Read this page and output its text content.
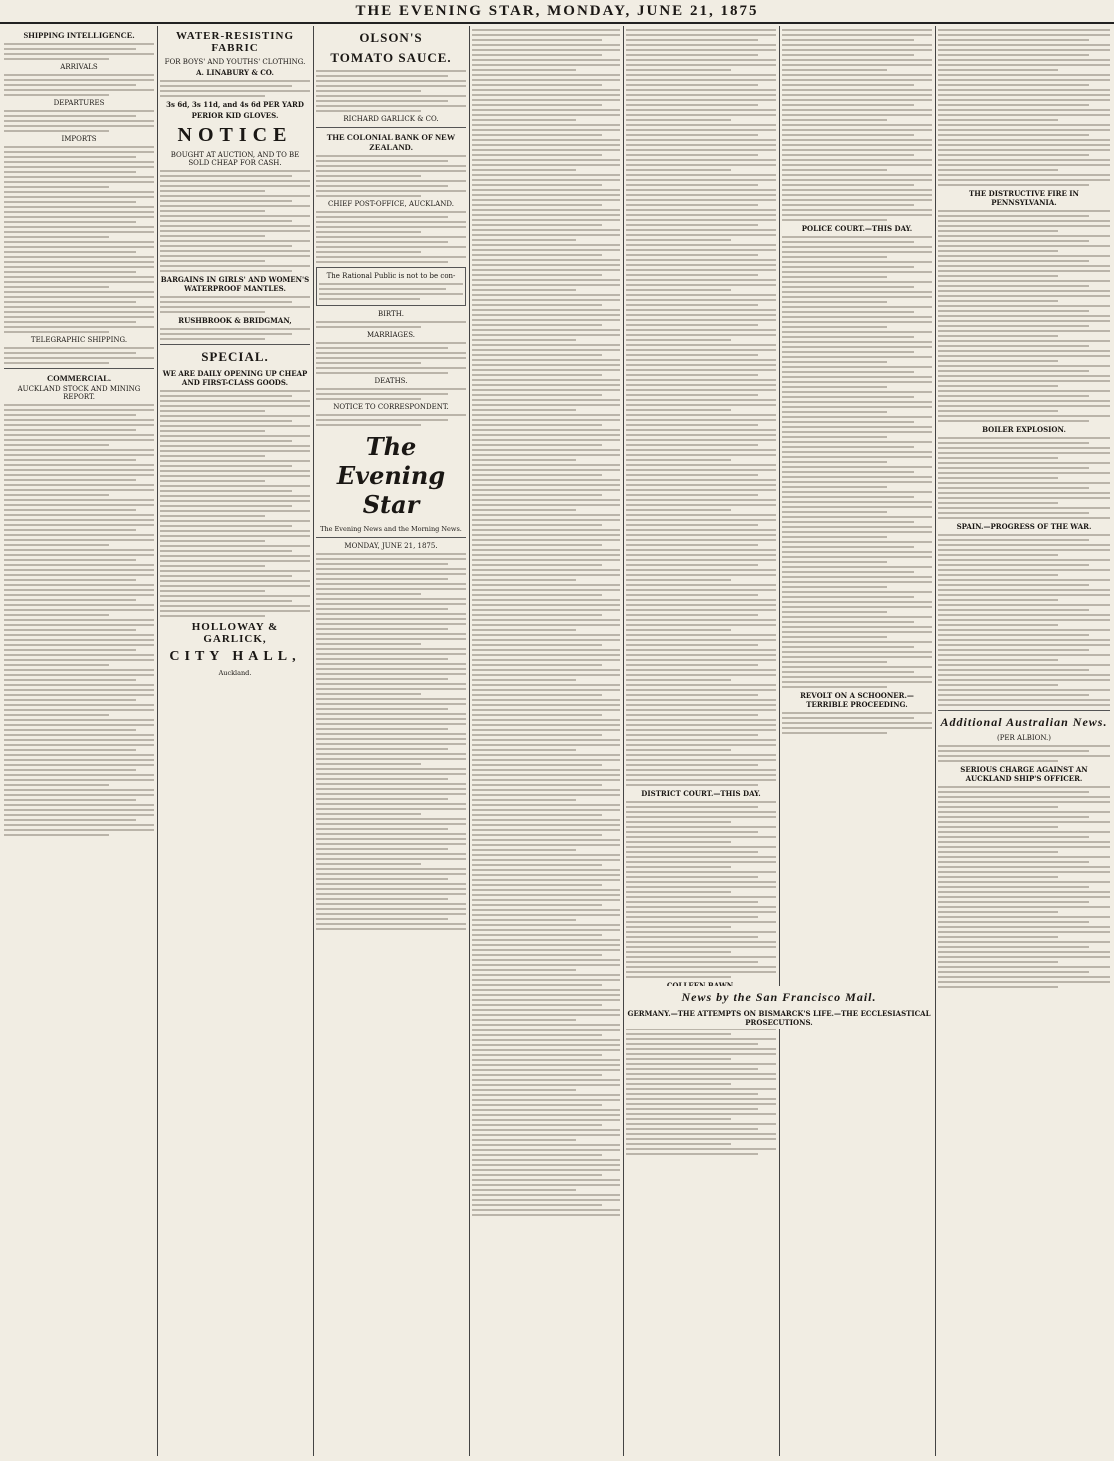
THE EVENING STAR, MONDAY, JUNE 21, 1875
SHIPPING INTELLIGENCE.
ARRIVALS
DEPARTURES
IMPORTS
TELEGRAPHIC SHIPPING.
COMMERCIAL.
AUCKLAND STOCK AND MINING REPORT.
WATER-RESISTING FABRIC
FOR BOYS' AND YOUTHS' CLOTHING.
A. LINABURY & CO.
3s 6d, 3s 11d, and 4s 6d PER YARD
PERIOR KID GLOVES.
NOTICE
BOUGHT AT AUCTION, AND TO BE SOLD CHEAP FOR CASH.
BARGAINS IN GIRLS' AND WOMEN'S WATERPROOF MANTLES.
RUSHBROOK & BRIDGMAN,
SPECIAL.
WE ARE DAILY OPENING UP CHEAP AND FIRST-CLASS GOODS.
HOLLOWAY & GARLICK,
CITY HALL,
Auckland.
OLSON'S
TOMATO SAUCE.
RICHARD GARLICK & CO.
THE COLONIAL BANK OF NEW ZEALAND.
CHIEF POST-OFFICE, AUCKLAND.
The Rational Public is not to be con-
BIRTH.
MARRIAGES.
DEATHS.
NOTICE TO CORRESPONDENT.
The Evening Star
The Evening News and the Morning News.
MONDAY, JUNE 21, 1875.
DISTRICT COURT.—THIS DAY.
POLICE COURT.—THIS DAY.
REVOLT ON A SCHOONER.—TERRIBLE PROCEEDING.
THE DISTRUCTIVE FIRE IN PENNSYLVANIA.
BOILER EXPLOSION.
SPAIN.—PROGRESS OF THE WAR.
Additional Australian News.
(PER ALBION.)
SERIOUS CHARGE AGAINST AN AUCKLAND SHIP'S OFFICER.
News by the San Francisco Mail.
GERMANY.—THE ATTEMPTS ON BISMARCK'S LIFE.—THE ECCLESIASTICAL PROSECUTIONS.
